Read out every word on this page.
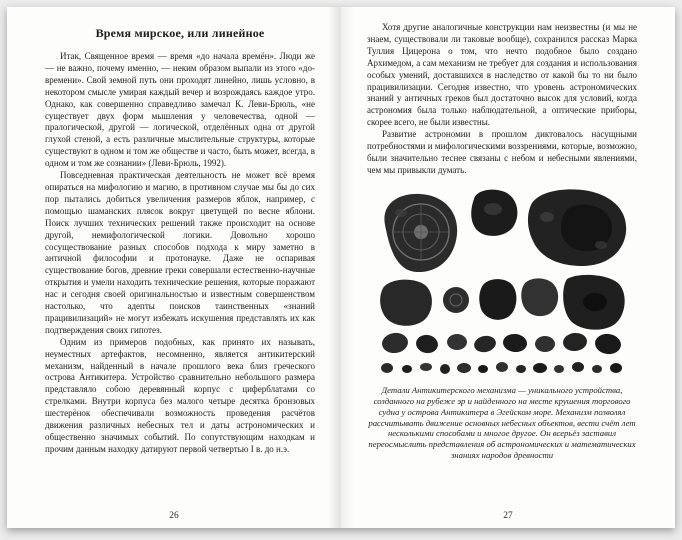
Время мирское, или линейное

Итак, Священное время — время «до начала времён». Люди же — не важно, почему именно, — неким образом выпали из этого «до-времени». Свой земной путь они проходят линейно, лишь условно, в некотором смысле умирая каждый вечер и возрождаясь каждое утро. Однако, как совершенно справедливо замечал К. Леви-Брюль, «не существует двух форм мышления у человечества, одной — пралогической, другой — логической, отделённых одна от другой глухой стеной, а есть различные мыслительные структуры, которые существуют в одном и том же обществе и часто, быть может, всегда, в одном и том же сознании» (Леви-Брюль, 1992).

Повседневная практическая деятельность не может всё время опираться на мифологию и магию, в противном случае мы бы до сих пор пытались добиться увеличения размеров яблок, например, с помощью шаманских плясок вокруг цветущей по весне яблони. Поиск лучших технических решений также происходит на основе другой, немифологической логики. Довольно хорошо сосуществование разных способов подхода к миру заметно в античной философии и протонауке. Даже не оспаривая существование богов, древние греки совершали естественно-научные открытия и умели находить технические решения, которые поражают нас и сегодня своей оригинальностью и известным совершенством настолько, что адепты поисков таинственных «знаний працивилизаций» не могут избежать искушения представлять их как подтверждения своих гипотез.

Одним из примеров подобных, как принято их называть, неуместных артефактов, несомненно, является антикитерский механизм, найденный в начале прошлого века близ греческого острова Антикитера. Устройство сравнительно небольшого размера представляло собою деревянный корпус с циферблатами со стрелками. Внутри корпуса без малого четыре десятка бронзовых шестерёнок обеспечивали возможность проведения расчётов движения различных небесных тел и даты астрономических и общественно значимых событий. По сопутствующим находкам и прочим данным находку датируют первой четвертью I в. до н.э.

26

Хотя другие аналогичные конструкции нам неизвестны (и мы не знаем, существовали ли таковые вообще), сохранился рассказ Марка Туллия Цицерона о том, что нечто подобное было создано Архимедом, а сам механизм не требует для создания и использования особых умений, доставшихся в наследство от какой бы то ни было працивилизации. Сегодня известно, что уровень астрономических знаний у античных греков был достаточно высок для условий, когда астрономия была только наблюдательной, а оптические приборы, скорее всего, не были известны.

Развитие астрономии в прошлом диктовалось насущными потребностями и мифологическими воззрениями, которые, возможно, были значительно теснее связаны с небом и небесными явлениями, чем мы привыкли думать.

Детали Антикитерского механизма — уникального устройства, созданного на рубеже эр и найденного на месте крушения торгового судна у острова Антикитера в Эгейском море. Механизм позволял рассчитывать движение основных небесных объектов, вести счёт лет несколькими способами и многое другое. Он всерьёз заставил переосмыслить представления об астрономических и математических знаниях народов древности
27
